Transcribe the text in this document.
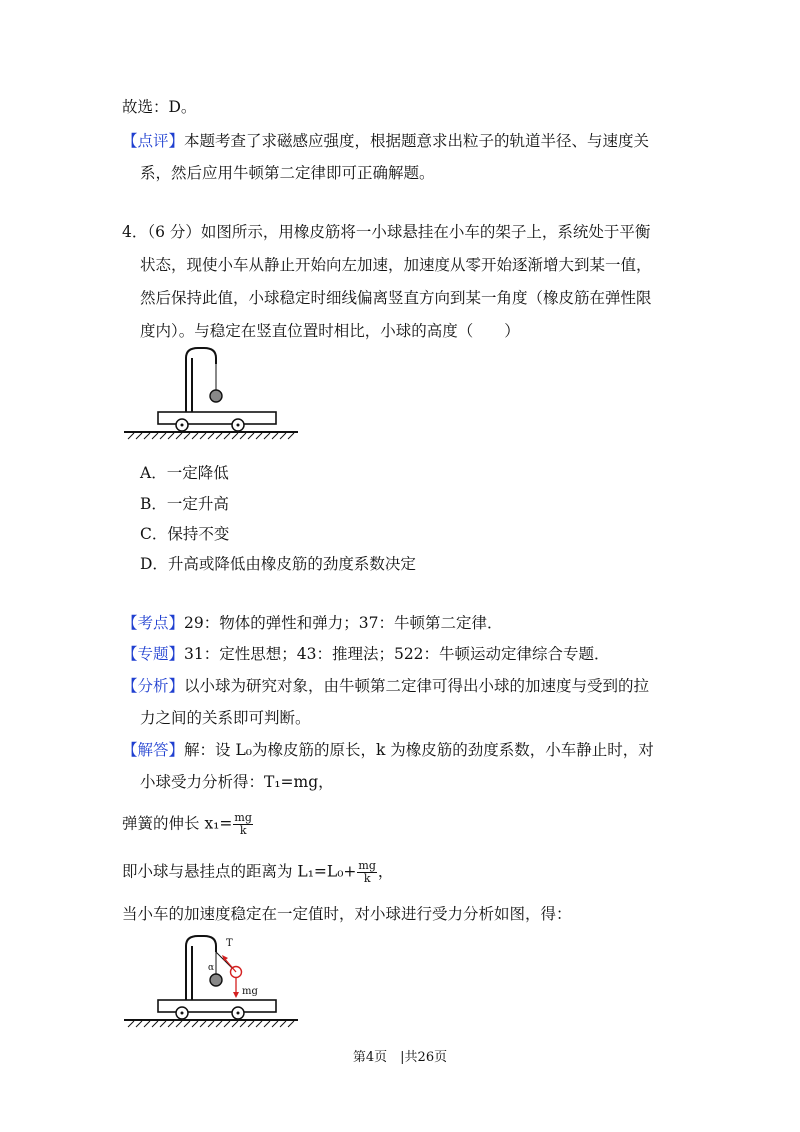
故选：D。
【点评】本题考查了求磁感应强度，根据题意求出粒子的轨道半径、与速度关
系，然后应用牛顿第二定律即可正确解题。
4．（6 分）如图所示，用橡皮筋将一小球悬挂在小车的架子上，系统处于平衡
状态，现使小车从静止开始向左加速，加速度从零开始逐渐增大到某一值，
然后保持此值，小球稳定时细线偏离竖直方向到某一角度（橡皮筋在弹性限
度内）。与稳定在竖直位置时相比，小球的高度（　　）
A．一定降低
B．一定升高
C．保持不变
D．升高或降低由橡皮筋的劲度系数决定
【考点】29：物体的弹性和弹力；37：牛顿第二定律．
【专题】31：定性思想；43：推理法；522：牛顿运动定律综合专题．
【分析】以小球为研究对象，由牛顿第二定律可得出小球的加速度与受到的拉
力之间的关系即可判断。
【解答】解：设 L₀为橡皮筋的原长，k 为橡皮筋的劲度系数，小车静止时，对
小球受力分析得：T₁=mg，
弹簧的伸长 $x_1= \frac{mg}{k}$
即小球与悬挂点的距离为 $L_1=L_0+ \frac{mg}{k}$ ，
当小车的加速度稳定在一定值时，对小球进行受力分析如图，得：
T
α
mg
第4页　|共26页
